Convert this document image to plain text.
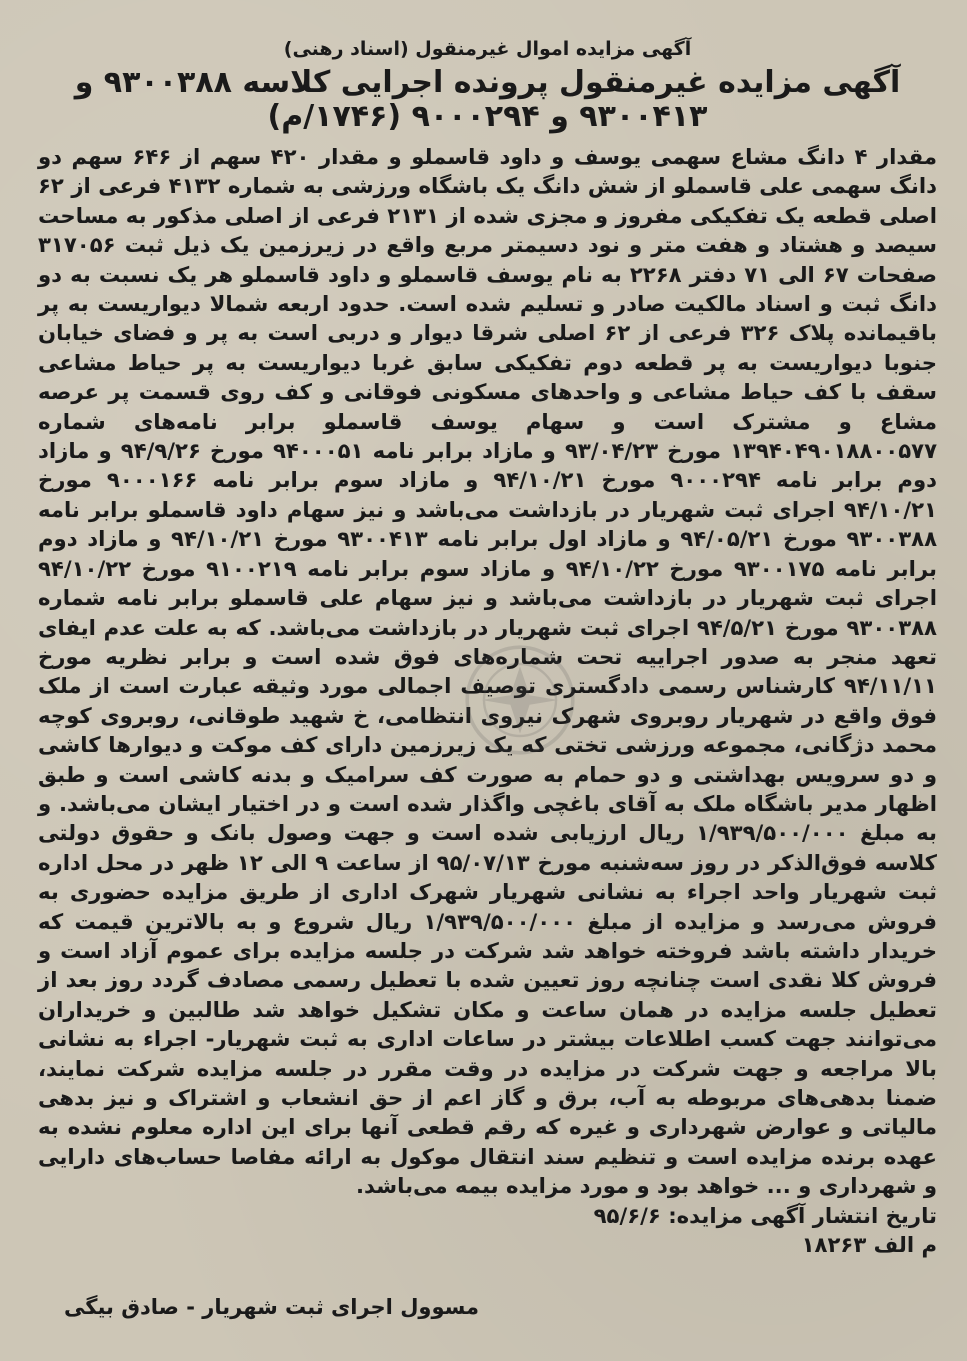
آگهی مزایده اموال غیرمنقول (اسناد رهنی)

آگهی مزایده غیرمنقول پرونده اجرایی کلاسه ۹۳۰۰۳۸۸ و ۹۳۰۰۴۱۳ و ۹۰۰۰۲۹۴ (۱۷۴۶/م)

مقدار ۴ دانگ مشاع سهمی یوسف و داود قاسملو و مقدار ۴۲۰ سهم از ۶۴۶ سهم دو دانگ سهمی علی قاسملو از شش دانگ یک باشگاه ورزشی به شماره ۴۱۳۲ فرعی از ۶۲ اصلی قطعه یک تفکیکی مفروز و مجزی شده از ۲۱۳۱ فرعی از اصلی مذکور به مساحت سیصد و هشتاد و هفت متر و نود دسیمتر مربع واقع در زیرزمین یک ذیل ثبت ۳۱۷۰۵۶ صفحات ۶۷ الی ۷۱ دفتر ۲۲۶۸ به نام یوسف قاسملو و داود قاسملو هر یک نسبت به دو دانگ ثبت و اسناد مالکیت صادر و تسلیم شده است. حدود اربعه شمالا دیواریست به پر باقیمانده پلاک ۳۲۶ فرعی از ۶۲ اصلی شرقا دیوار و دربی است به پر و فضای خیابان جنوبا دیواریست به پر قطعه دوم تفکیکی سابق غربا دیواریست به پر حیاط مشاعی سقف با کف حیاط مشاعی و واحدهای مسکونی فوقانی و کف روی قسمت پر عرصه مشاع و مشترک است و سهام یوسف قاسملو برابر نامه‌های شماره ۱۳۹۴۰۴۹۰۱۸۸۰۰۵۷۷ مورخ ۹۳/۰۴/۲۳ و مازاد برابر نامه ۹۴۰۰۰۵۱ مورخ ۹۴/۹/۲۶ و مازاد دوم برابر نامه ۹۰۰۰۲۹۴ مورخ ۹۴/۱۰/۲۱ و مازاد سوم برابر نامه ۹۰۰۰۱۶۶ مورخ ۹۴/۱۰/۲۱ اجرای ثبت شهریار در بازداشت می‌باشد و نیز سهام داود قاسملو برابر نامه ۹۳۰۰۳۸۸ مورخ ۹۴/۰۵/۲۱ و مازاد اول برابر نامه ۹۳۰۰۴۱۳ مورخ ۹۴/۱۰/۲۱ و مازاد دوم برابر نامه ۹۳۰۰۱۷۵ مورخ ۹۴/۱۰/۲۲ و مازاد سوم برابر نامه ۹۱۰۰۲۱۹ مورخ ۹۴/۱۰/۲۲ اجرای ثبت شهریار در بازداشت می‌باشد و نیز سهام علی قاسملو برابر نامه شماره ۹۳۰۰۳۸۸ مورخ ۹۴/۵/۲۱ اجرای ثبت شهریار در بازداشت می‌باشد. که به علت عدم ایفای تعهد منجر به صدور اجراییه تحت شماره‌های فوق شده است و برابر نظریه مورخ ۹۴/۱۱/۱۱ کارشناس رسمی دادگستری توصیف اجمالی مورد وثیقه عبارت است از ملک فوق واقع در شهریار روبروی شهرک نیروی انتظامی، خ شهید طوقانی، روبروی کوچه محمد دژگانی، مجموعه ورزشی تختی که یک زیرزمین دارای کف موکت و دیوارها کاشی و دو سرویس بهداشتی و دو حمام به صورت کف سرامیک و بدنه کاشی است و طبق اظهار مدیر باشگاه ملک به آقای باغچی واگذار شده است و در اختیار ایشان می‌باشد. و به مبلغ ۱/۹۳۹/۵۰۰/۰۰۰ ریال ارزیابی شده است و جهت وصول بانک و حقوق دولتی کلاسه فوق‌الذکر در روز سه‌شنبه مورخ ۹۵/۰۷/۱۳ از ساعت ۹ الی ۱۲ ظهر در محل اداره ثبت شهریار واحد اجراء به نشانی شهریار شهرک اداری از طریق مزایده حضوری به فروش می‌رسد و مزایده از مبلغ ۱/۹۳۹/۵۰۰/۰۰۰ ریال شروع و به بالاترین قیمت که خریدار داشته باشد فروخته خواهد شد شرکت در جلسه مزایده برای عموم آزاد است و فروش کلا نقدی است چنانچه روز تعیین شده با تعطیل رسمی مصادف گردد روز بعد از تعطیل جلسه مزایده در همان ساعت و مکان تشکیل خواهد شد طالبین و خریداران می‌توانند جهت کسب اطلاعات بیشتر در ساعات اداری به ثبت شهریار- اجراء به نشانی بالا مراجعه و جهت شرکت در مزایده در وقت مقرر در جلسه مزایده شرکت نمایند، ضمنا بدهی‌های مربوطه به آب، برق و گاز اعم از حق انشعاب و اشتراک و نیز بدهی مالیاتی و عوارض شهرداری و غیره که رقم قطعی آنها برای این اداره معلوم نشده به عهده برنده مزایده است و تنظیم سند انتقال موکول به ارائه مفاصا حساب‌های دارایی و شهرداری و ... خواهد بود و مورد مزایده بیمه می‌باشد.

تاریخ انتشار آگهی مزایده: ۹۵/۶/۶

م الف ۱۸۲۶۳

مسوول اجرای ثبت شهریار - صادق بیگی
